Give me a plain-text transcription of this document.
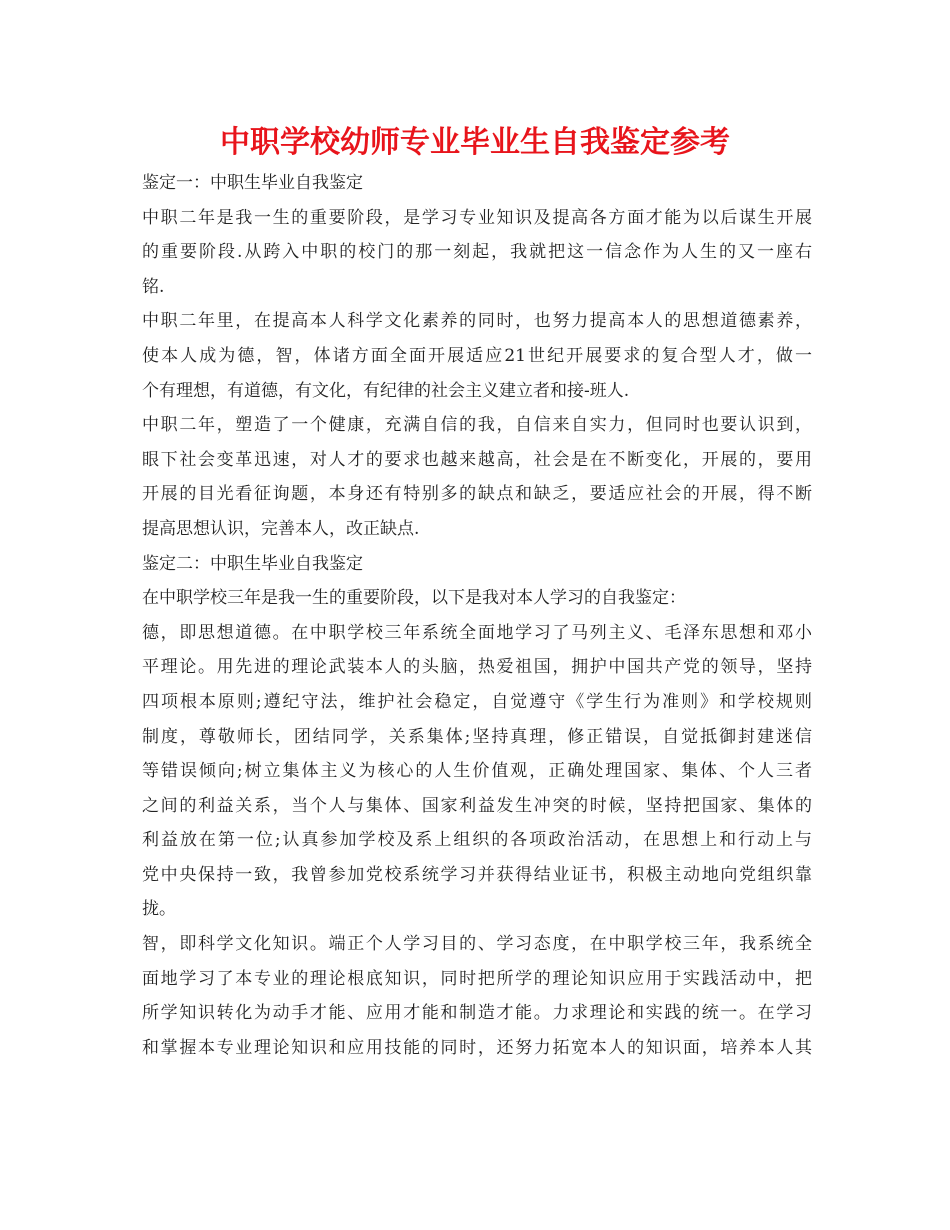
中职学校幼师专业毕业生自我鉴定参考
鉴定一：中职生毕业自我鉴定
中职二年是我一生的重要阶段，是学习专业知识及提高各方面才能为以后谋生开展
的重要阶段.从跨入中职的校门的那一刻起，我就把这一信念作为人生的又一座右
铭.
中职二年里，在提高本人科学文化素养的同时，也努力提高本人的思想道德素养，
使本人成为德，智，体诸方面全面开展适应21世纪开展要求的复合型人才，做一
个有理想，有道德，有文化，有纪律的社会主义建立者和接-班人.
中职二年，塑造了一个健康，充满自信的我，自信来自实力，但同时也要认识到，
眼下社会变革迅速，对人才的要求也越来越高，社会是在不断变化，开展的，要用
开展的目光看征询题，本身还有特别多的缺点和缺乏，要适应社会的开展，得不断
提高思想认识，完善本人，改正缺点.
鉴定二：中职生毕业自我鉴定
在中职学校三年是我一生的重要阶段，以下是我对本人学习的自我鉴定：
德，即思想道德。在中职学校三年系统全面地学习了马列主义、毛泽东思想和邓小
平理论。用先进的理论武装本人的头脑，热爱祖国，拥护中国共产党的领导，坚持
四项根本原则;遵纪守法，维护社会稳定，自觉遵守《学生行为准则》和学校规则
制度，尊敬师长，团结同学，关系集体;坚持真理，修正错误，自觉抵御封建迷信
等错误倾向;树立集体主义为核心的人生价值观，正确处理国家、集体、个人三者
之间的利益关系，当个人与集体、国家利益发生冲突的时候，坚持把国家、集体的
利益放在第一位;认真参加学校及系上组织的各项政治活动，在思想上和行动上与
党中央保持一致，我曾参加党校系统学习并获得结业证书，积极主动地向党组织靠
拢。
智，即科学文化知识。端正个人学习目的、学习态度，在中职学校三年，我系统全
面地学习了本专业的理论根底知识，同时把所学的理论知识应用于实践活动中，把
所学知识转化为动手才能、应用才能和制造才能。力求理论和实践的统一。在学习
和掌握本专业理论知识和应用技能的同时，还努力拓宽本人的知识面，培养本人其
